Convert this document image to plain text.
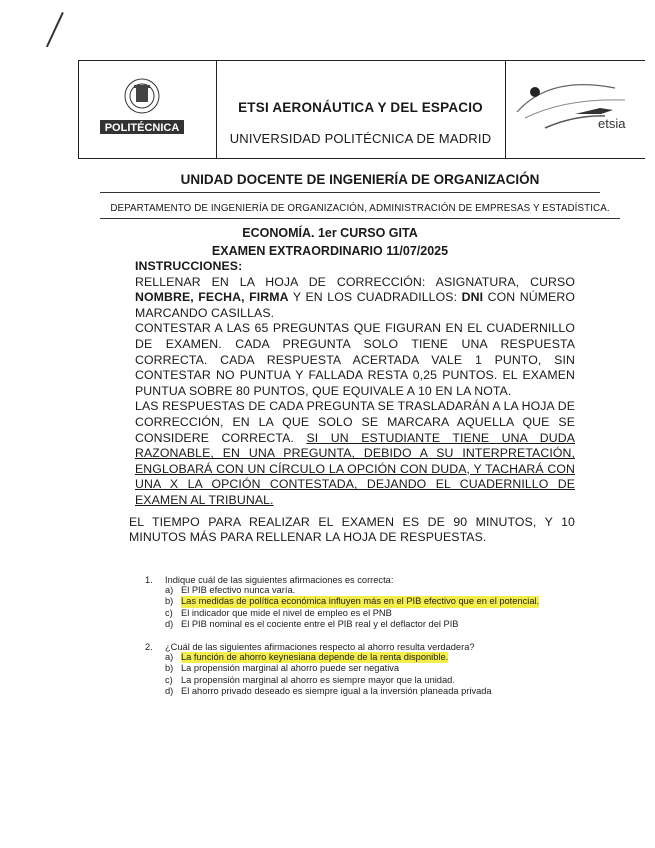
POLITÉCNICA
ETSI AERONÁUTICA Y DEL ESPACIO
UNIVERSIDAD POLITÉCNICA DE MADRID
etsia
UNIDAD DOCENTE DE INGENIERÍA DE ORGANIZACIÓN
DEPARTAMENTO DE INGENIERÍA DE ORGANIZACIÓN, ADMINISTRACIÓN DE EMPRESAS Y ESTADÍSTICA.
ECONOMÍA. 1er CURSO GITA
EXAMEN EXTRAORDINARIO 11/07/2025
INSTRUCCIONES:

RELLENAR EN LA HOJA DE CORRECCIÓN: ASIGNATURA, CURSO NOMBRE, FECHA, FIRMA Y EN LOS CUADRADILLOS: DNI CON NÚMERO MARCANDO CASILLAS.

CONTESTAR A LAS 65 PREGUNTAS QUE FIGURAN EN EL CUADERNILLO DE EXAMEN. CADA PREGUNTA SOLO TIENE UNA RESPUESTA CORRECTA. CADA RESPUESTA ACERTADA VALE 1 PUNTO, SIN CONTESTAR NO PUNTUA Y FALLADA RESTA 0,25 PUNTOS. EL EXAMEN PUNTUA SOBRE 80 PUNTOS, QUE EQUIVALE A 10 EN LA NOTA.

LAS RESPUESTAS DE CADA PREGUNTA SE TRASLADARÁN A LA HOJA DE CORRECCIÓN, EN LA QUE SOLO SE MARCARA AQUELLA QUE SE CONSIDERE CORRECTA. SI UN ESTUDIANTE TIENE UNA DUDA RAZONABLE, EN UNA PREGUNTA, DEBIDO A SU INTERPRETACIÓN, ENGLOBARÁ CON UN CÍRCULO LA OPCIÓN CON DUDA, Y TACHARÁ CON UNA X LA OPCIÓN CONTESTADA, DEJANDO EL CUADERNILLO DE EXAMEN AL TRIBUNAL.

EL TIEMPO PARA REALIZAR EL EXAMEN ES DE 90 MINUTOS, Y 10 MINUTOS MÁS PARA RELLENAR LA HOJA DE RESPUESTAS.

1.	Indique cuál de las siguientes afirmaciones es correcta:
a) El PIB efectivo nunca varía.
b) Las medidas de política económica influyen más en el PIB efectivo que en el potencial.
c) El indicador que mide el nivel de empleo es el PNB
d) El PIB nominal es el cociente entre el PIB real y el deflactor del PIB
2.	¿Cuál de las siguientes afirmaciones respecto al ahorro resulta verdadera?
a) La función de ahorro keynesiana depende de la renta disponible.
b) La propensión marginal al ahorro puede ser negativa
c) La propensión marginal al ahorro es siempre mayor que la unidad.
d) El ahorro privado deseado es siempre igual a la inversión planeada privada
